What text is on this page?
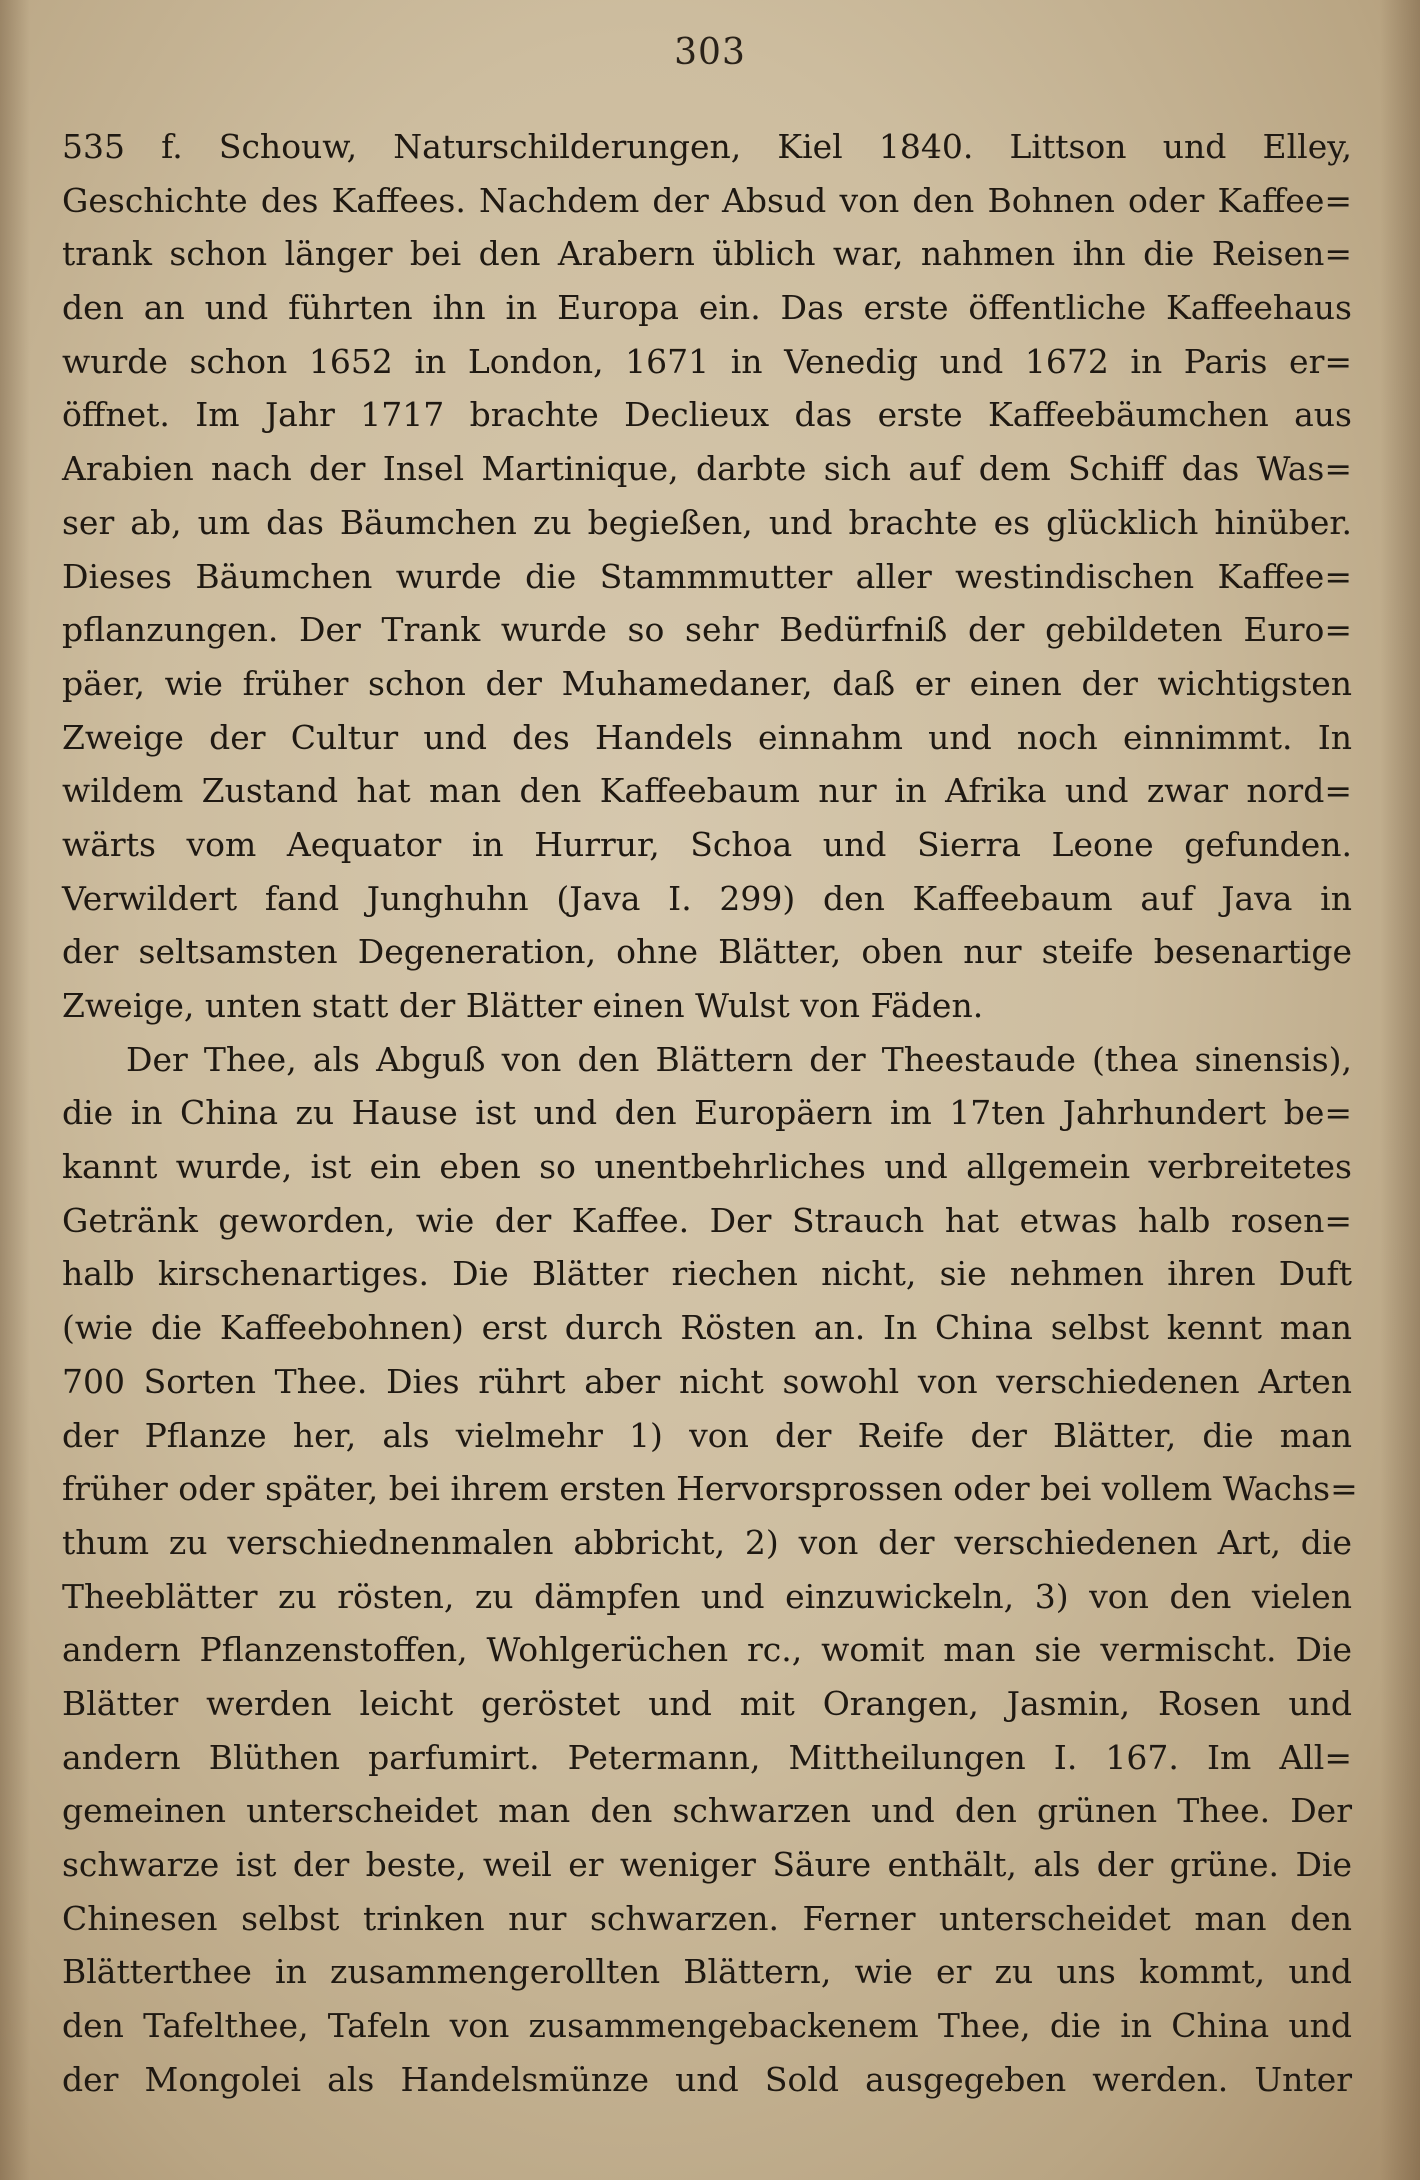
303
535 f. Schouw, Naturschilderungen, Kiel 1840. Littson und Elley,
Geschichte des Kaffees. Nachdem der Absud von den Bohnen oder Kaffee=
trank schon länger bei den Arabern üblich war, nahmen ihn die Reisen=
den an und führten ihn in Europa ein. Das erste öffentliche Kaffeehaus
wurde schon 1652 in London, 1671 in Venedig und 1672 in Paris er=
öffnet. Im Jahr 1717 brachte Declieux das erste Kaffeebäumchen aus
Arabien nach der Insel Martinique, darbte sich auf dem Schiff das Was=
ser ab, um das Bäumchen zu begießen, und brachte es glücklich hinüber.
Dieses Bäumchen wurde die Stammmutter aller westindischen Kaffee=
pflanzungen. Der Trank wurde so sehr Bedürfniß der gebildeten Euro=
päer, wie früher schon der Muhamedaner, daß er einen der wichtigsten
Zweige der Cultur und des Handels einnahm und noch einnimmt. In
wildem Zustand hat man den Kaffeebaum nur in Afrika und zwar nord=
wärts vom Aequator in Hurrur, Schoa und Sierra Leone gefunden.
Verwildert fand Junghuhn (Java I. 299) den Kaffeebaum auf Java in
der seltsamsten Degeneration, ohne Blätter, oben nur steife besenartige
Zweige, unten statt der Blätter einen Wulst von Fäden.
Der Thee, als Abguß von den Blättern der Theestaude (thea sinensis),
die in China zu Hause ist und den Europäern im 17ten Jahrhundert be=
kannt wurde, ist ein eben so unentbehrliches und allgemein verbreitetes
Getränk geworden, wie der Kaffee. Der Strauch hat etwas halb rosen=
halb kirschenartiges. Die Blätter riechen nicht, sie nehmen ihren Duft
(wie die Kaffeebohnen) erst durch Rösten an. In China selbst kennt man
700 Sorten Thee. Dies rührt aber nicht sowohl von verschiedenen Arten
der Pflanze her, als vielmehr 1) von der Reife der Blätter, die man
früher oder später, bei ihrem ersten Hervorsprossen oder bei vollem Wachs=
thum zu verschiednenmalen abbricht, 2) von der verschiedenen Art, die
Theeblätter zu rösten, zu dämpfen und einzuwickeln, 3) von den vielen
andern Pflanzenstoffen, Wohlgerüchen rc., womit man sie vermischt. Die
Blätter werden leicht geröstet und mit Orangen, Jasmin, Rosen und
andern Blüthen parfumirt. Petermann, Mittheilungen I. 167. Im All=
gemeinen unterscheidet man den schwarzen und den grünen Thee. Der
schwarze ist der beste, weil er weniger Säure enthält, als der grüne. Die
Chinesen selbst trinken nur schwarzen. Ferner unterscheidet man den
Blätterthee in zusammengerollten Blättern, wie er zu uns kommt, und
den Tafelthee, Tafeln von zusammengebackenem Thee, die in China und
der Mongolei als Handelsmünze und Sold ausgegeben werden. Unter
